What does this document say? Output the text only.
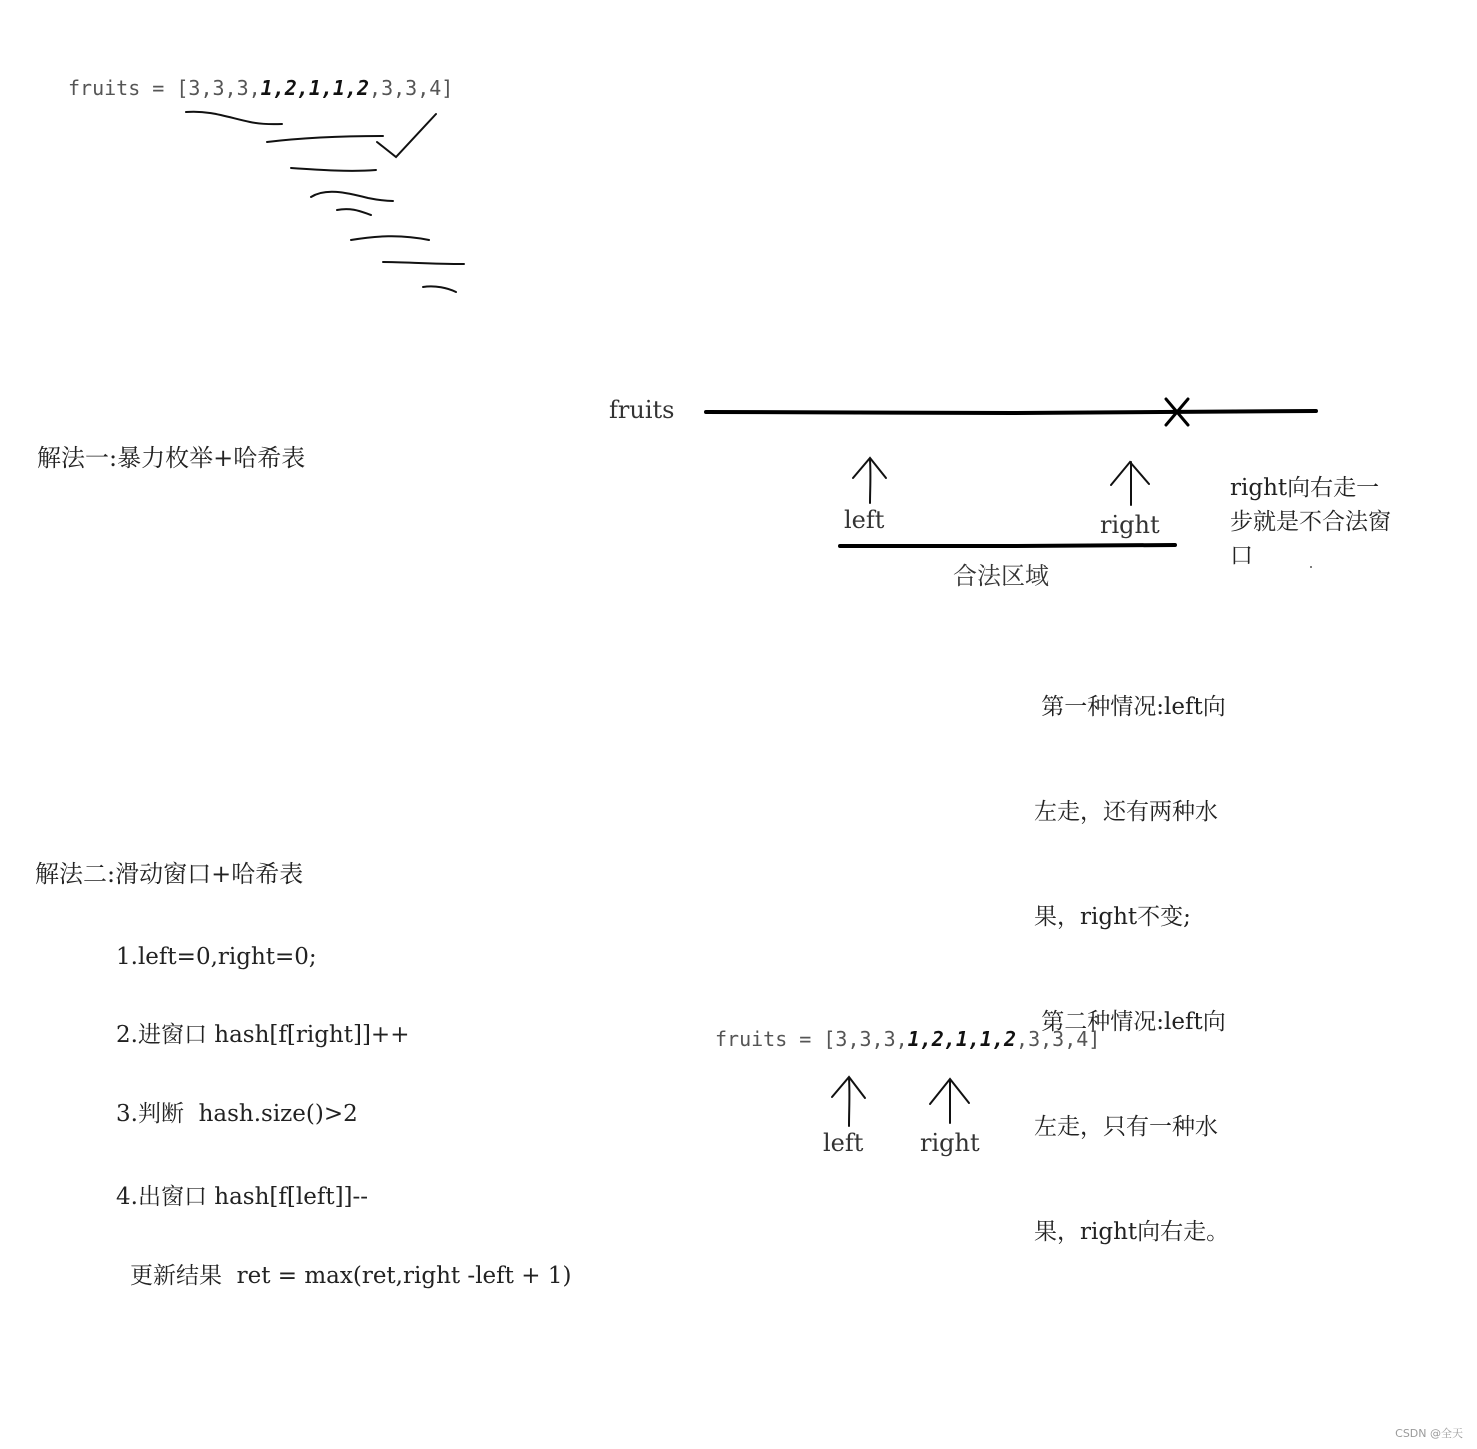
fruits = [3,3,3,1,2,1,1,2,3,3,4]
解法一:暴力枚举+哈希表
fruits
left	right
合法区域
right向右走一
步就是不合法窗
口

第一种情况:left向

左走，还有两种水

果，right不变;

第二种情况:left向

左走，只有一种水

果，right向右走。

解法二:滑动窗口+哈希表
1.left=0,right=0;
2.进窗口 hash[f[right]]++
3.判断  hash.size()>2
4.出窗口 hash[f[left]]--
更新结果  ret = max(ret,right -left + 1)
fruits = [3,3,3,1,2,1,1,2,3,3,4]
left right
CSDN @全天
